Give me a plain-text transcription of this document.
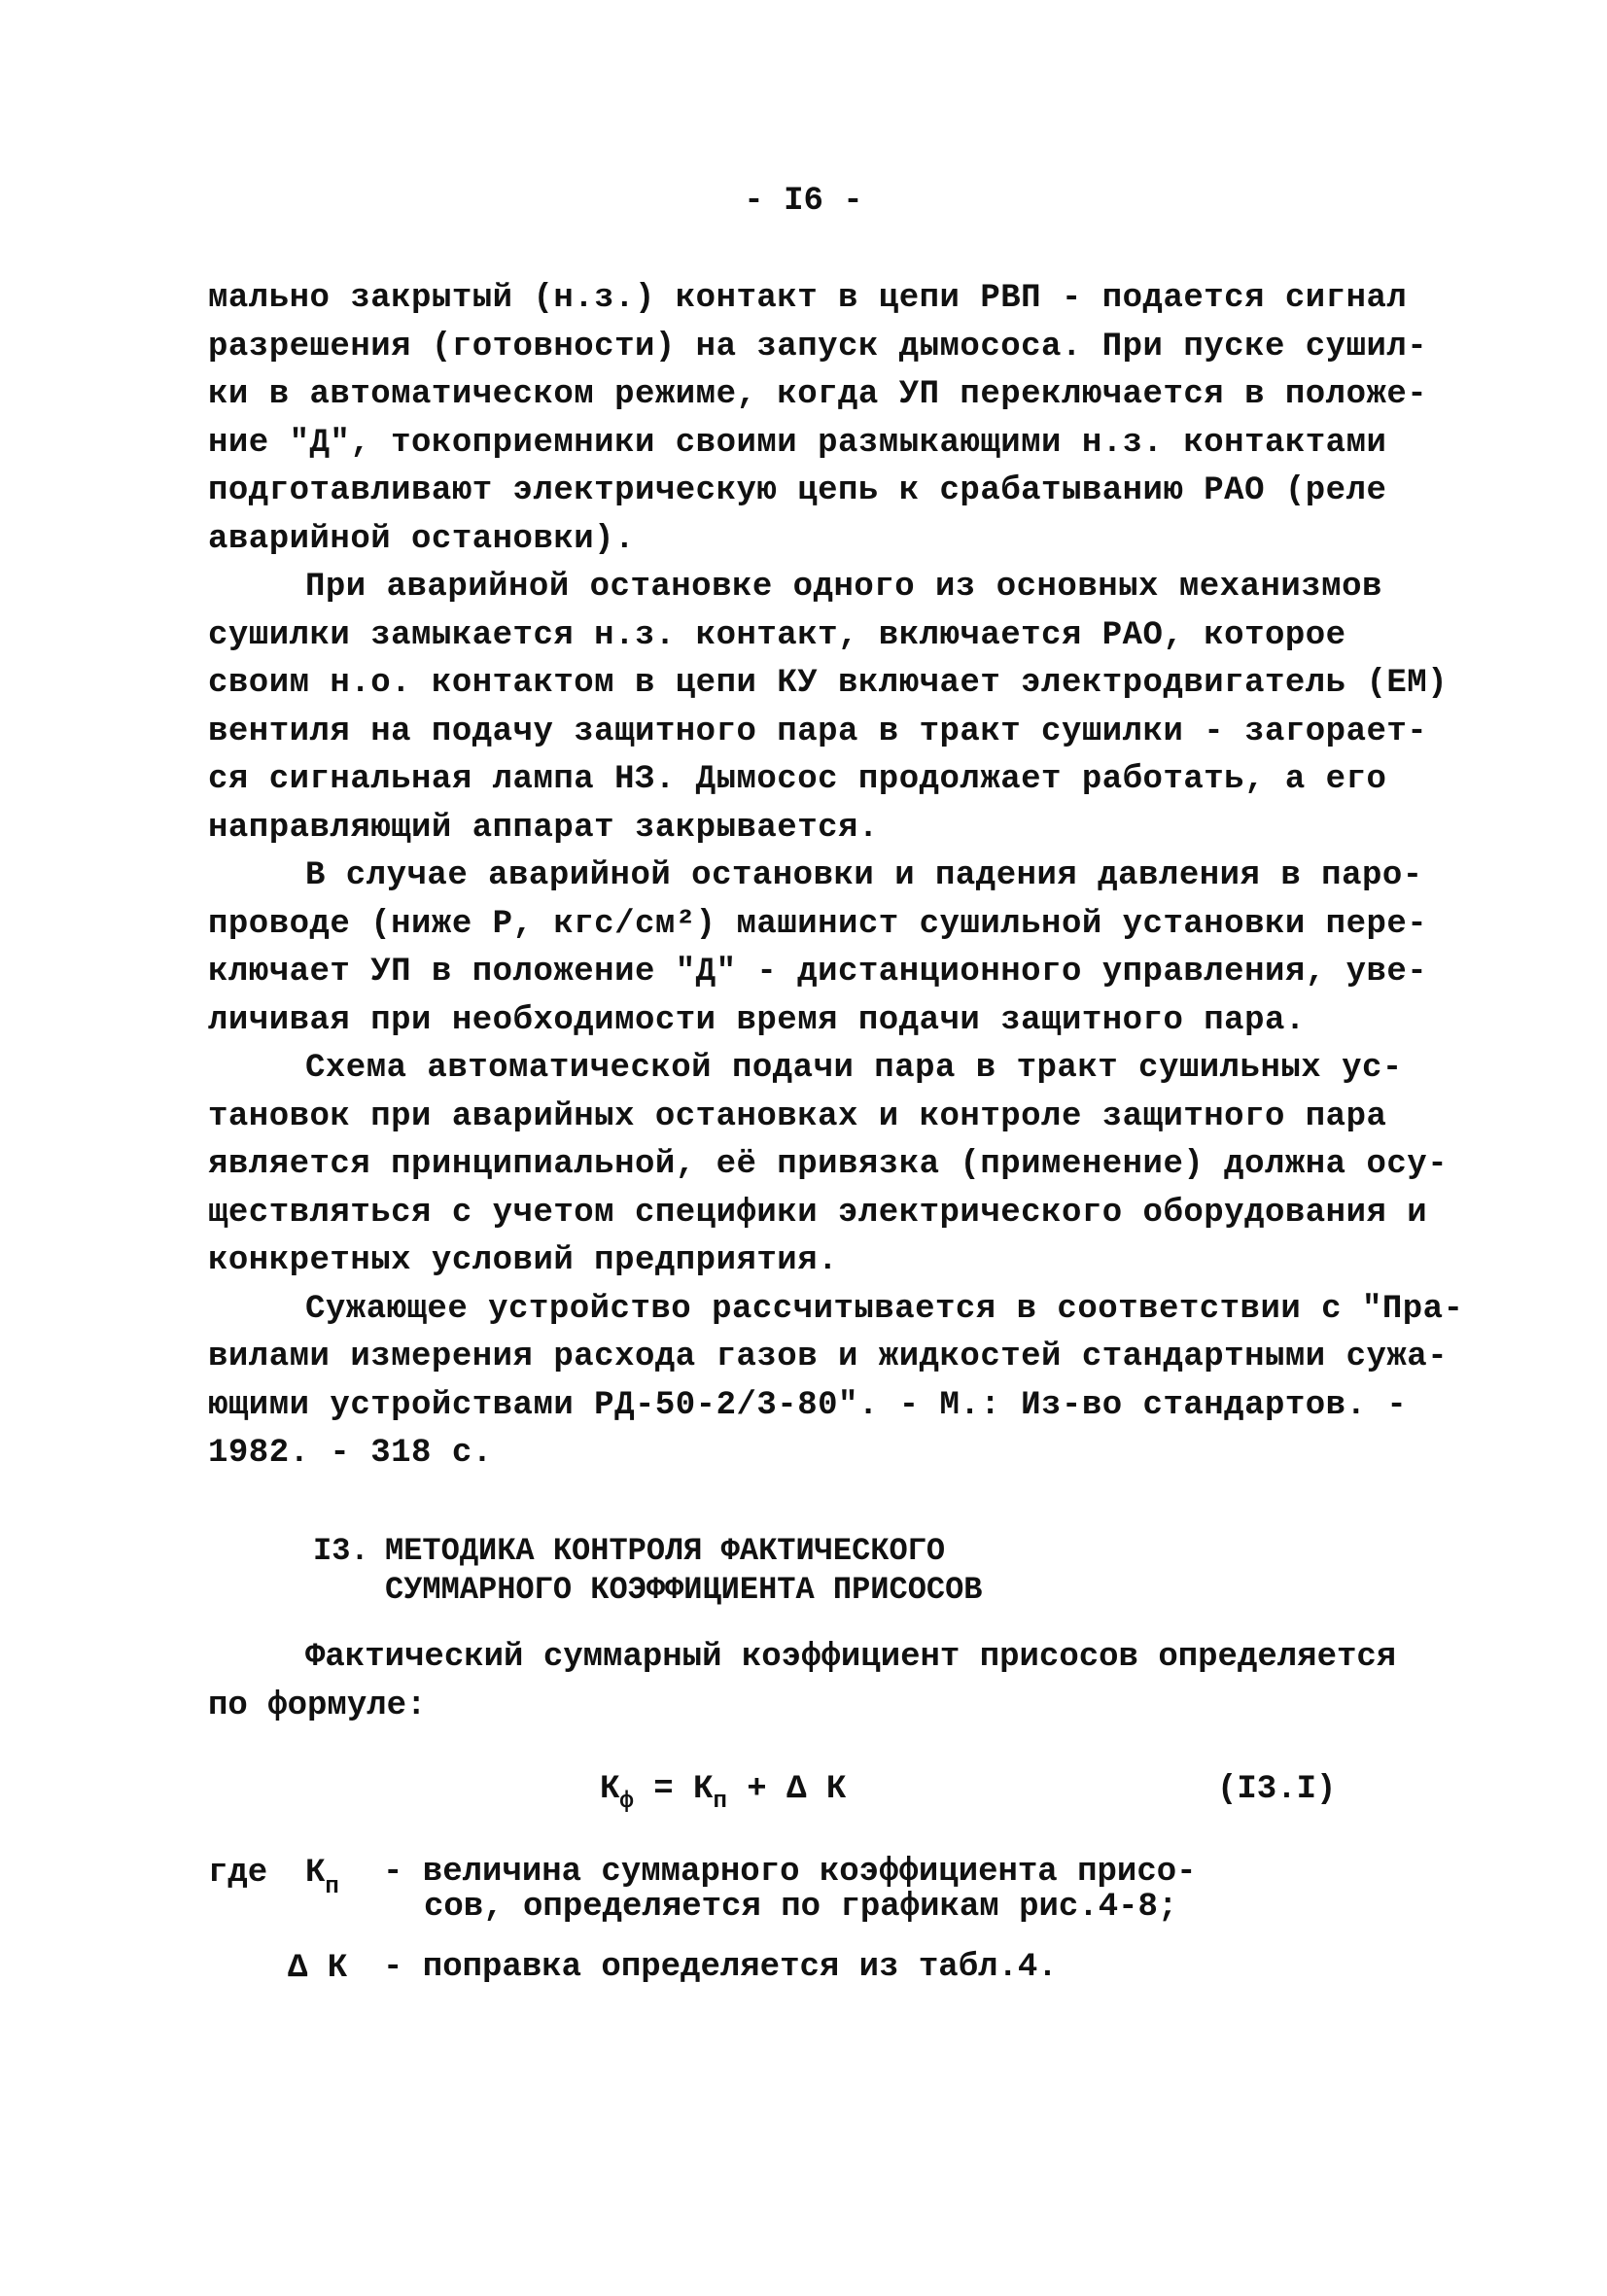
- I6 -

мально закрытый (н.з.) контакт в цепи РВП - подается сигнал

разрешения (готовности) на запуск дымососа. При пуске сушил-

ки в автоматическом режиме, когда УП переключается в положе-

ние "Д", токоприемники своими размыкающими н.з. контактами

подготавливают электрическую цепь к срабатыванию РАО (реле

аварийной остановки).

При аварийной остановке одного из основных механизмов

сушилки замыкается н.з. контакт, включается РАО, которое

своим н.о. контактом в цепи КУ включает электродвигатель (ЕМ)

вентиля на подачу защитного пара в тракт сушилки - загорает-

ся сигнальная лампа НЗ. Дымосос продолжает работать, а его

направляющий аппарат закрывается.

В случае аварийной остановки и падения давления в паро-

проводе (ниже Р, кгс/см²) машинист сушильной установки пере-

ключает УП в положение "Д" - дистанционного управления, уве-

личивая при необходимости время подачи защитного пара.

Схема автоматической подачи пара в тракт сушильных ус-

тановок при аварийных остановках и контроле защитного пара

является принципиальной, её привязка (применение) должна осу-

ществляться с учетом специфики электрического оборудования и

конкретных условий предприятия.

Сужающее устройство рассчитывается в соответствии с "Пра-

вилами измерения расхода газов и жидкостей стандартными сужа-

ющими устройствами РД-50-2/3-80". - М.: Из-во стандартов. -

1982. - 318 с.

I3. МЕТОДИКА КОНТРОЛЯ ФАКТИЧЕСКОГО
СУММАРНОГО КОЭФФИЦИЕНТА ПРИСОСОВ

Фактический суммарный коэффициент присосов определяется

по формуле:

$К_ф = К_п + \Delta$ К	(I3.I)
где $К_п$ - величина суммарного коэффициента присо-
сов, определяется по графикам рис.4-8;
Δ К - поправка определяется из табл.4.
